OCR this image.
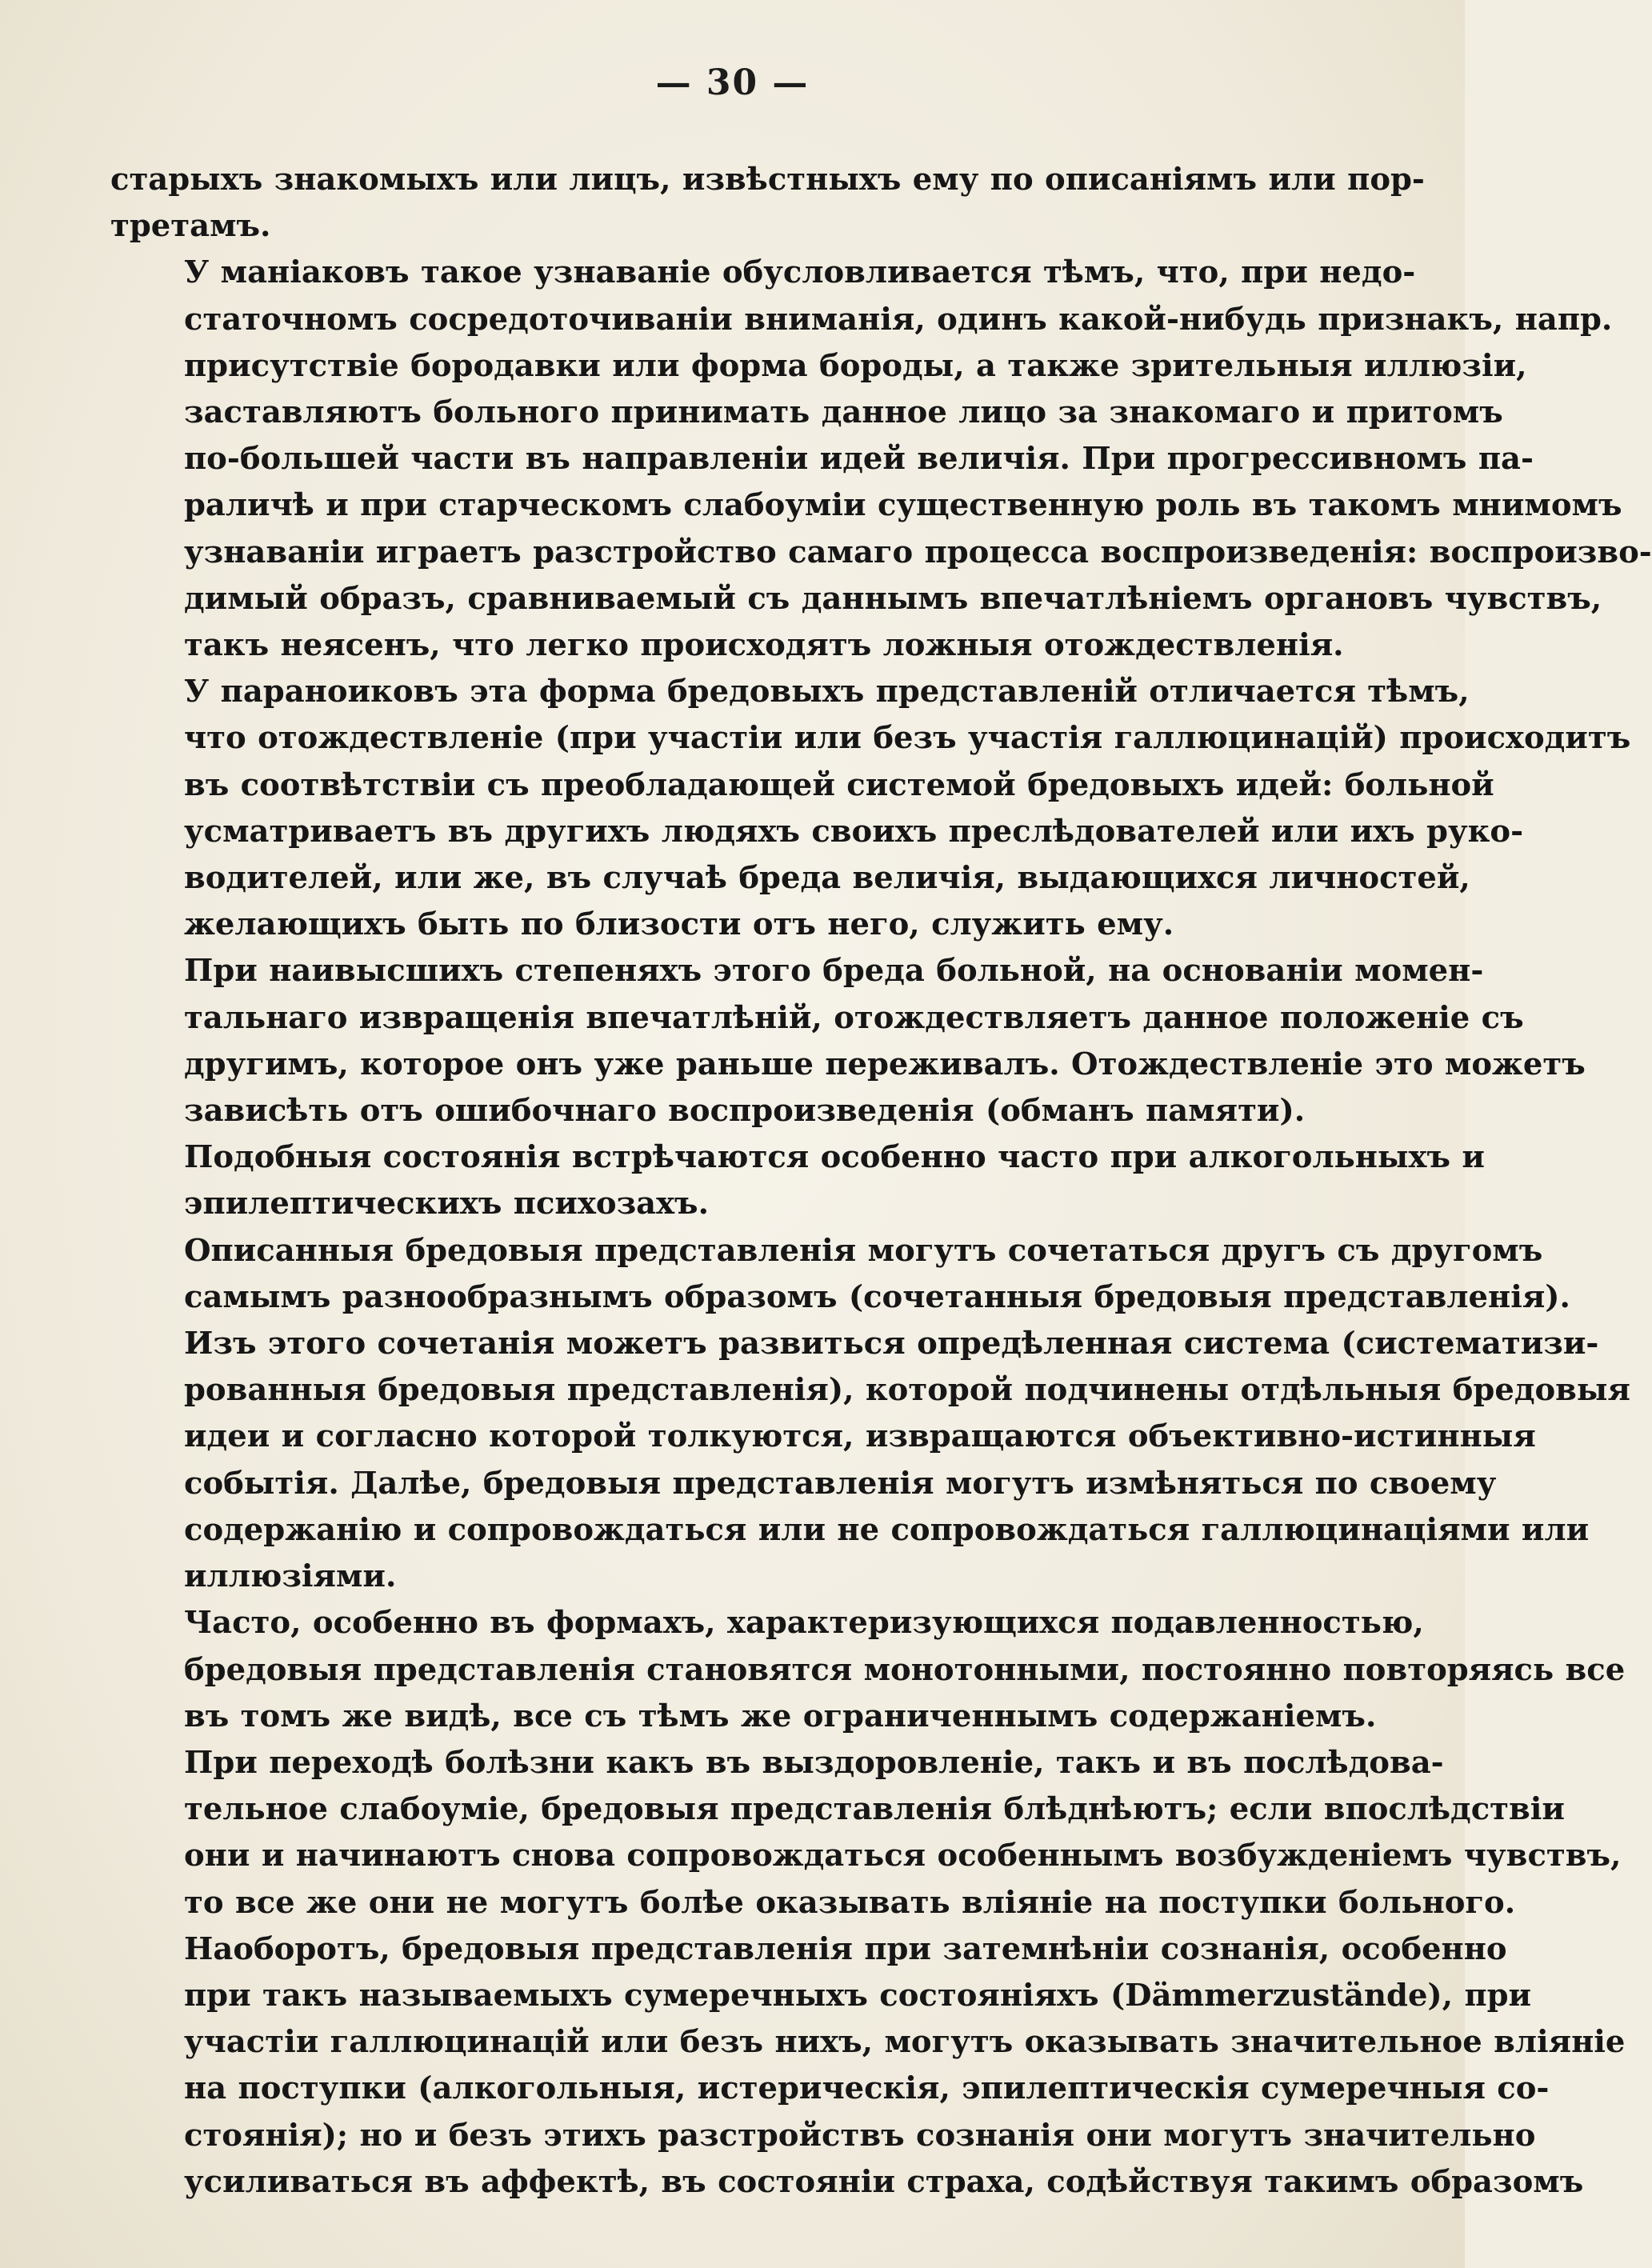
— 30 —
старыхъ знакомыхъ или лицъ, извѣстныхъ ему по описаніямъ или пор-
третамъ.
У маніаковъ такое узнаваніе обусловливается тѣмъ, что, при недо-
статочномъ сосредоточиваніи вниманія, одинъ какой-нибудь признакъ, напр.
присутствіе бородавки или форма бороды, а также зрительныя иллюзіи,
заставляютъ больного принимать данное лицо за знакомаго и притомъ
по-большей части въ направленіи идей величія. При прогрессивномъ па-
раличѣ и при старческомъ слабоуміи существенную роль въ такомъ мнимомъ
узнаваніи играетъ разстройство самаго процесса воспроизведенія: воспроизво-
димый образъ, сравниваемый съ даннымъ впечатлѣніемъ органовъ чувствъ,
такъ неясенъ, что легко происходятъ ложныя отождествленія.
У параноиковъ эта форма бредовыхъ представленій отличается тѣмъ,
что отождествленіе (при участіи или безъ участія галлюцинацій) происходитъ
въ соотвѣтствіи съ преобладающей системой бредовыхъ идей: больной
усматриваетъ въ другихъ людяхъ своихъ преслѣдователей или ихъ руко-
водителей, или же, въ случаѣ бреда величія, выдающихся личностей,
желающихъ быть по близости отъ него, служить ему.
При наивысшихъ степеняхъ этого бреда больной, на основаніи момен-
тальнаго извращенія впечатлѣній, отождествляетъ данное положеніе съ
другимъ, которое онъ уже раньше переживалъ. Отождествленіе это можетъ
зависѣть отъ ошибочнаго воспроизведенія (обманъ памяти).
Подобныя состоянія встрѣчаются особенно часто при алкогольныхъ и
эпилептическихъ психозахъ.
Описанныя бредовыя представленія могутъ сочетаться другъ съ другомъ
самымъ разнообразнымъ образомъ (сочетанныя бредовыя представленія).
Изъ этого сочетанія можетъ развиться опредѣленная система (систематизи-
рованныя бредовыя представленія), которой подчинены отдѣльныя бредовыя
идеи и согласно которой толкуются, извращаются объективно-истинныя
событія. Далѣе, бредовыя представленія могутъ измѣняться по своему
содержанію и сопровождаться или не сопровождаться галлюцинаціями или
иллюзіями.
Часто, особенно въ формахъ, характеризующихся подавленностью,
бредовыя представленія становятся монотонными, постоянно повторяясь все
въ томъ же видѣ, все съ тѣмъ же ограниченнымъ содержаніемъ.
При переходѣ болѣзни какъ въ выздоровленіе, такъ и въ послѣдова-
тельное слабоуміе, бредовыя представленія блѣднѣютъ; если впослѣдствіи
они и начинаютъ снова сопровождаться особеннымъ возбужденіемъ чувствъ,
то все же они не могутъ болѣе оказывать вліяніе на поступки больного.
Наоборотъ, бредовыя представленія при затемнѣніи сознанія, особенно
при такъ называемыхъ сумеречныхъ состояніяхъ (Dämmerzustände), при
участіи галлюцинацій или безъ нихъ, могутъ оказывать значительное вліяніе
на поступки (алкогольныя, истерическія, эпилептическія сумеречныя со-
стоянія); но и безъ этихъ разстройствъ сознанія они могутъ значительно
усиливаться въ аффектѣ, въ состояніи страха, содѣйствуя такимъ образомъ
